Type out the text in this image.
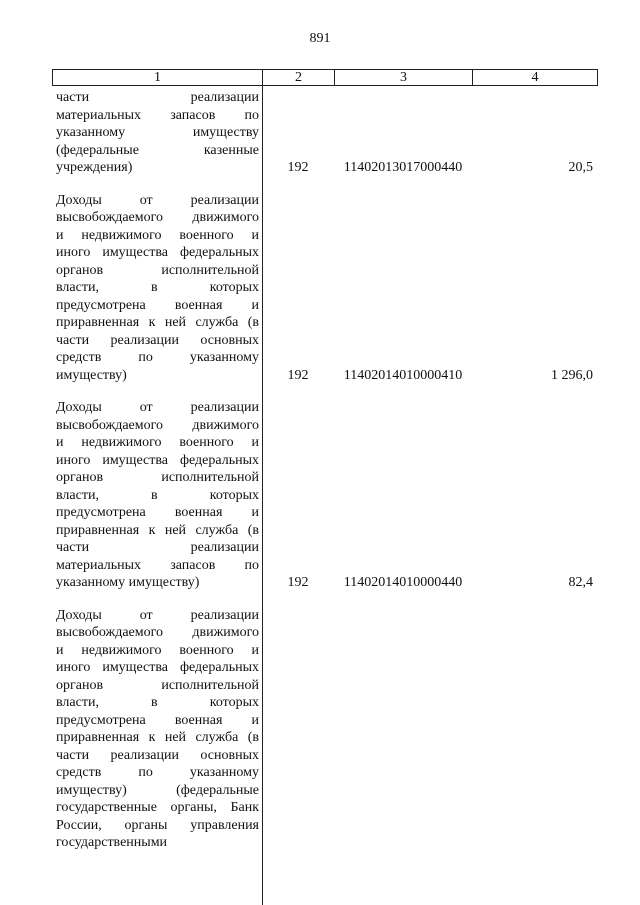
891
1	2	3	4
части реализации
материальных запасов по
указанному имуществу
(федеральные казенные
учреждения)	192	11402013017000440	20,5
Доходы от реализации
высвобождаемого движимого
и недвижимого военного и
иного имущества федеральных
органов исполнительной
власти, в которых
предусмотрена военная и
приравненная к ней служба (в
части реализации основных
средств по указанному
имуществу)	192	11402014010000410	1 296,0
Доходы от реализации
высвобождаемого движимого
и недвижимого военного и
иного имущества федеральных
органов исполнительной
власти, в которых
предусмотрена военная и
приравненная к ней служба (в
части реализации
материальных запасов по
указанному имуществу)	192	11402014010000440	82,4
Доходы от реализации
высвобождаемого движимого
и недвижимого военного и
иного имущества федеральных
органов исполнительной
власти, в которых
предусмотрена военная и
приравненная к ней служба (в
части реализации основных
средств по указанному
имуществу) (федеральные
государственные органы, Банк
России, органы управления
государственными
